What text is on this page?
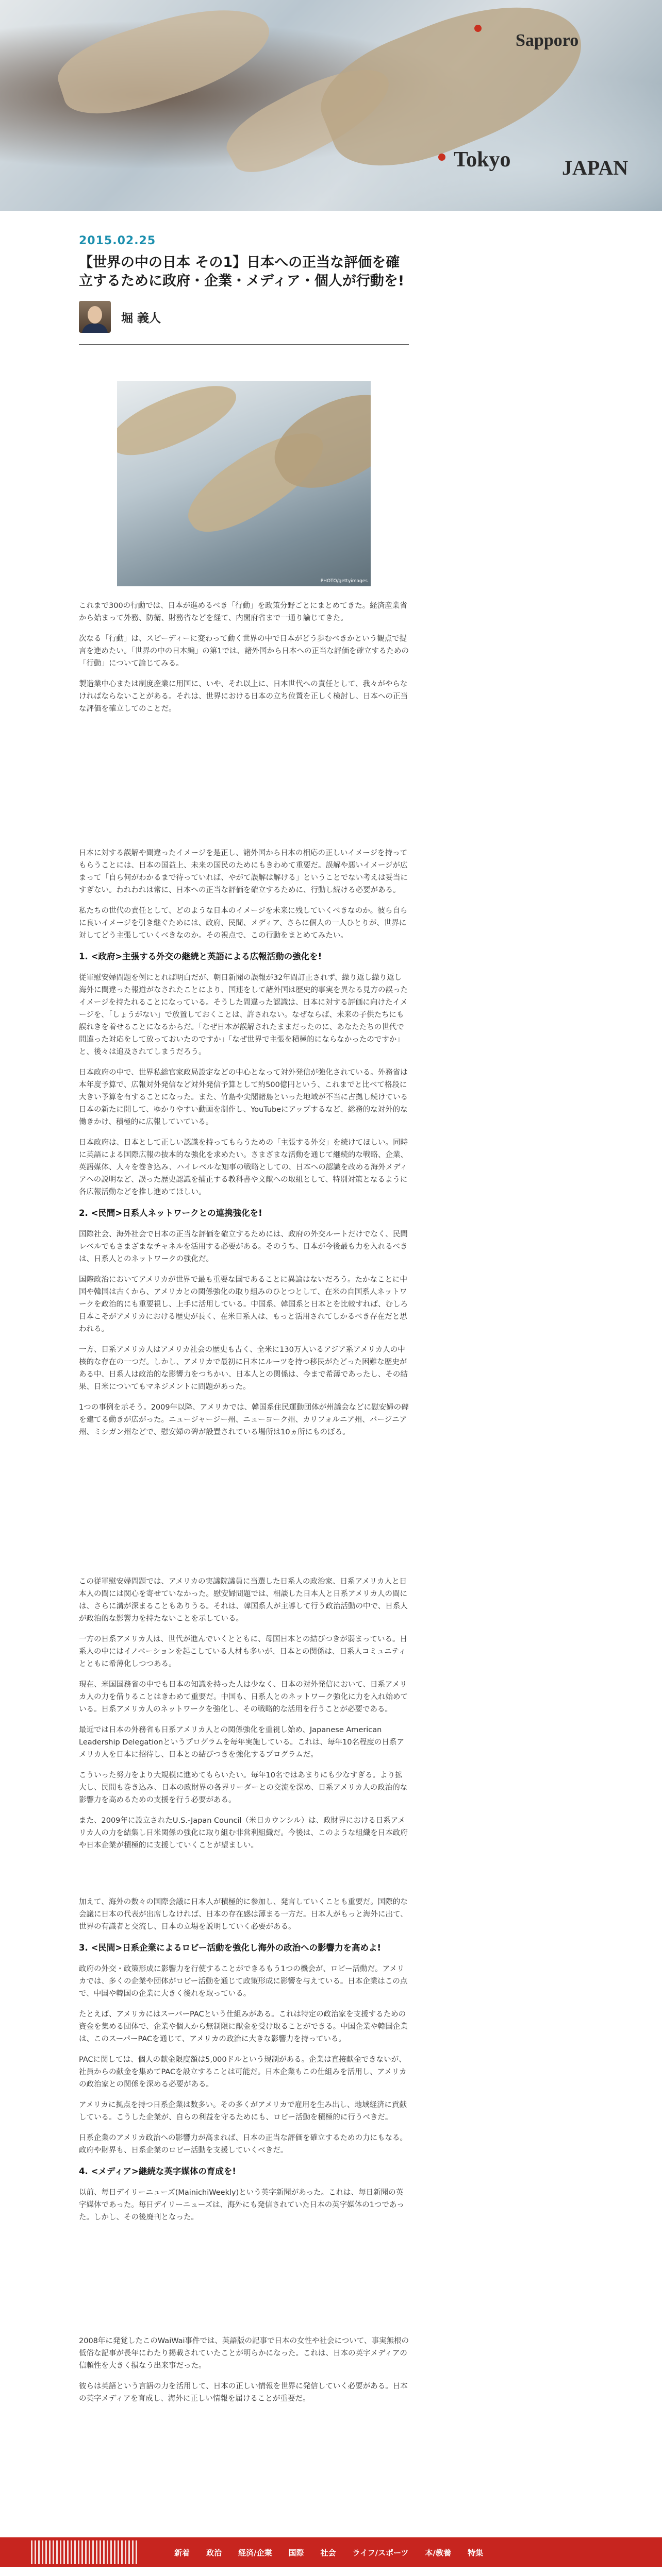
Sapporo
Tokyo JAPAN
2015.02.25
【世界の中の日本 その1】日本への正当な評価を確立するために政府・企業・メディア・個人が行動を!
堀 義人
PHOTO/gettyimages

これまで300の行動では、日本が進めるべき「行動」を政策分野ごとにまとめてきた。経済産業省から始まって外務、防衛、財務省などを経て、内閣府省まで一通り論じてきた。

次なる「行動」は、スピーディーに変わって動く世界の中で日本がどう歩むべきかという観点で提言を進めたい。「世界の中の日本編」の第1では、諸外国から日本への正当な評価を確立するための「行動」について論じてみる。

製造業中心または制度産業に用国に、いや、それ以上に、日本世代への責任として、我々がやらなければならないことがある。それは、世界における日本の立ち位置を正しく検討し、日本への正当な評価を確立してのことだ。

日本に対する誤解や間違ったイメージを是正し、諸外国から日本の相応の正しいイメージを持ってもらうことには、日本の国益上、未来の国民のためにもきわめて重要だ。誤解や悪いイメージが広まって「自ら何がわかるまで待っていれば、やがて誤解は解ける」ということでない考えは妥当にすぎない。われわれは常に、日本への正当な評価を確立するために、行動し続ける必要がある。

私たちの世代の責任として、どのような日本のイメージを未来に残していくべきなのか。彼ら自らに良いイメージを引き継ぐためには、政府、民間、メディア、さらに個人の一人ひとりが、世界に対してどう主張していくべきなのか。その視点で、この行動をまとめてみたい。

1. <政府>主張する外交の継続と英語による広報活動の強化を!

従軍慰安婦問題を例にとれば明白だが、朝日新聞の誤報が32年間訂正されず、繰り返し繰り返し海外に間違った報道がなされたことにより、国連をして諸外国は歴史的事実を異なる見方の誤ったイメージを持たれることになっている。そうした間違った認識は、日本に対する評価に向けたイメージを、「しょうがない」で放置しておくことは、許されない。なぜならば、未来の子供たちにも誤れきを着せることになるからだ。「なぜ日本が誤解されたままだったのに、あなたたちの世代で間違った対応をして放っておいたのですか」「なぜ世界で主張を積極的にならなかったのですか」と、後々は追及されてしまうだろう。

日本政府の中で、世界私総官家政局設定などの中心となって対外発信が強化されている。外務省は本年度予算で、広報対外発信など対外発信予算として約500億円という、これまでと比べて格段に大きい予算を有することになった。また、竹島や尖閣諸島といった地域が不当に占拠し続けている日本の新たに開して、ゆかりやすい動画を制作し、YouTubeにアップするなど、総務的な対外的な働きかけ、積極的に広報していている。

日本政府は、日本として正しい認識を持ってもらうための「主張する外交」を続けてほしい。同時に英語による国際広報の抜本的な強化を求めたい。さまざまな活動を通じて継続的な戦略、企業、英語媒体、人々を巻き込み、ハイレベルな知事の戦略としての、日本への認識を改める海外メディアへの説明など、誤った歴史認識を捕正する教科書や文献への取組として、特別対策となるように各広報活動などを推し進めてほしい。

2. <民間>日系人ネットワークとの連携強化を!

国際社会、海外社会で日本の正当な評価を確立するためには、政府の外交ルートだけでなく、民間レベルでもさまざまなチャネルを活用する必要がある。そのうち、日本が今後最も力を入れるべきは、日系人とのネットワークの強化だ。

国際政治においてアメリカが世界で最も重要な国であることに異論はないだろう。たかなことに中国や韓国は古くから、アメリカとの関係強化の取り組みのひとつとして、在米の自国系人ネットワークを政治的にも重要視し、上手に活用している。中国系、韓国系と日本とを比較すれば、むしろ日本こそがアメリカにおける歴史が長く、在米日系人は、もっと活用されてしかるべき存在だと思われる。

一方、日系アメリカ人はアメリカ社会の歴史も古く、全米に130万人いるアジア系アメリカ人の中核的な存在の一つだ。しかし、アメリカで最初に日本にルーツを持つ移民がたどった困難な歴史がある中、日系人は政治的な影響力をつちかい、日本人との関係は、今まで希薄であったし、その結果、日米についてもマネジメントに問題があった。

1つの事例を示そう。2009年以降、アメリカでは、韓国系住民運動団体が州議会などに慰安婦の碑を建てる動きが広がった。ニュージャージー州、ニューヨーク州、カリフォルニア州、バージニア州、ミシガン州などで、慰安婦の碑が設置されている場所は10ヵ所にものぼる。

この従軍慰安婦問題では、アメリカの実議院議員に当選した日系人の政治家、日系アメリカ人と日本人の間には関心を寄せていなかった。慰安婦問題では、相談した日本人と日系アメリカ人の間には、さらに溝が深まることもありうる。それは、韓国系人が主導して行う政治活動の中で、日系人が政治的な影響力を持たないことを示している。

一方の日系アメリカ人は、世代が進んでいくとともに、母国日本との結びつきが弱まっている。日系人の中にはイノベーションを起こしている人材も多いが、日本との関係は、日系人コミュニティとともに希薄化しつつある。

現在、米国国務省の中でも日本の知識を持った人は少なく、日本の対外発信において、日系アメリカ人の力を借りることはきわめて重要だ。中国も、日系人とのネットワーク強化に力を入れ始めている。日系アメリカ人のネットワークを強化し、その戦略的な活用を行うことが必要である。

最近では日本の外務省も日系アメリカ人との関係強化を重視し始め、Japanese American Leadership Delegationというプログラムを毎年実施している。これは、毎年10名程度の日系アメリカ人を日本に招待し、日本との結びつきを強化するプログラムだ。

こういった努力をより大規模に進めてもらいたい。毎年10名ではあまりにも少なすぎる。より拡大し、民間も巻き込み、日本の政財界の各界リーダーとの交流を深め、日系アメリカ人の政治的な影響力を高めるための支援を行う必要がある。

また、2009年に設立されたU.S.-Japan Council（米日カウンシル）は、政財界における日系アメリカ人の力を結集し日米関係の強化に取り組む非営利組織だ。今後は、このような組織を日本政府や日本企業が積極的に支援していくことが望ましい。

加えて、海外の数々の国際会議に日本人が積極的に参加し、発言していくことも重要だ。国際的な会議に日本の代表が出席しなければ、日本の存在感は薄まる一方だ。日本人がもっと海外に出て、世界の有識者と交流し、日本の立場を説明していく必要がある。

3. <民間>日系企業によるロビー活動を強化し海外の政治への影響力を高めよ!

政府の外交・政策形成に影響力を行使することができるもう1つの機会が、ロビー活動だ。アメリカでは、多くの企業や団体がロビー活動を通じて政策形成に影響を与えている。日本企業はこの点で、中国や韓国の企業に大きく後れを取っている。

たとえば、アメリカにはスーパーPACという仕組みがある。これは特定の政治家を支援するための資金を集める団体で、企業や個人から無制限に献金を受け取ることができる。中国企業や韓国企業は、このスーパーPACを通じて、アメリカの政治に大きな影響力を持っている。

PACに関しては、個人の献金限度額は5,000ドルという規制がある。企業は直接献金できないが、社員からの献金を集めてPACを設立することは可能だ。日本企業もこの仕組みを活用し、アメリカの政治家との関係を深める必要がある。

アメリカに拠点を持つ日系企業は数多い。その多くがアメリカで雇用を生み出し、地域経済に貢献している。こうした企業が、自らの利益を守るためにも、ロビー活動を積極的に行うべきだ。

日系企業のアメリカ政治への影響力が高まれば、日本の正当な評価を確立するための力にもなる。政府や財界も、日系企業のロビー活動を支援していくべきだ。

4. <メディア>継続な英字媒体の育成を!

以前、毎日デイリーニューズ(MainichiWeekly)という英字新聞があった。これは、毎日新聞の英字媒体であった。毎日デイリーニューズは、海外にも発信されていた日本の英字媒体の1つであった。しかし、その後廃刊となった。

2008年に発覚したこのWaiWai事件では、英語版の記事で日本の女性や社会について、事実無根の低俗な記事が長年にわたり掲載されていたことが明らかになった。これは、日本の英字メディアの信頼性を大きく損なう出来事だった。

彼らは英語という言語の力を活用して、日本の正しい情報を世界に発信していく必要がある。日本の英字メディアを育成し、海外に正しい情報を届けることが重要だ。

新着	政治	経済/企業	国際	社会	ライフ/スポーツ	本/教養	特集
